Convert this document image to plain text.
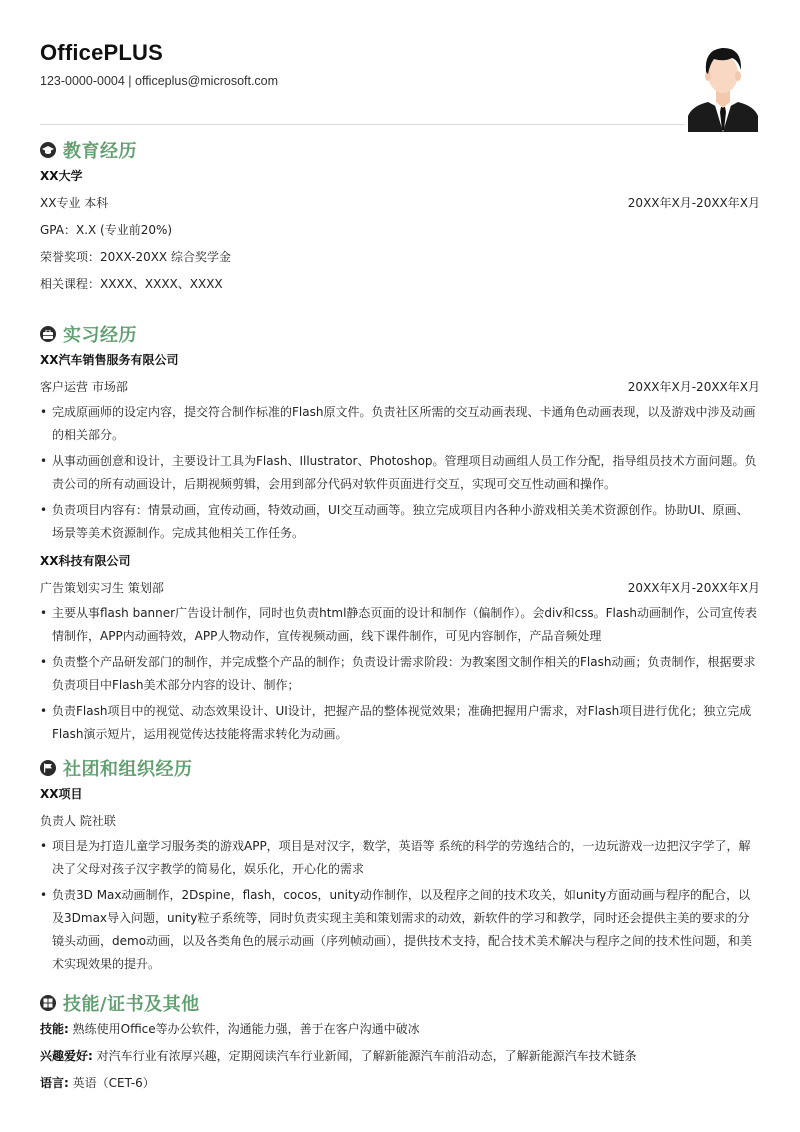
OfficePLUS
123-0000-0004 | officeplus@microsoft.com
教育经历
XX大学
XX专业 本科	20XX年X月-20XX年X月
GPA：X.X (专业前20%)
荣誉奖项：20XX-20XX 综合奖学金
相关课程：XXXX、XXXX、XXXX
实习经历
XX汽车销售服务有限公司
客户运营 市场部	20XX年X月-20XX年X月
• 完成原画师的设定内容，提交符合制作标准的Flash原文件。负责社区所需的交互动画表现、卡通角色动画表现，以及游戏中涉及动画的相关部分。
• 从事动画创意和设计，主要设计工具为Flash、Illustrator、Photoshop。管理项目动画组人员工作分配，指导组员技术方面问题。负责公司的所有动画设计，后期视频剪辑，会用到部分代码对软件页面进行交互，实现可交互性动画和操作。
• 负责项目内容有：情景动画，宣传动画，特效动画，UI交互动画等。独立完成项目内各种小游戏相关美术资源创作。协助UI、原画、场景等美术资源制作。完成其他相关工作任务。
XX科技有限公司
广告策划实习生 策划部	20XX年X月-20XX年X月
• 主要从事flash banner广告设计制作，同时也负责html静态页面的设计和制作（偏制作）。会div和css。Flash动画制作，公司宣传表情制作，APP内动画特效，APP人物动作，宣传视频动画，线下课件制作，可见内容制作，产品音频处理
• 负责整个产品研发部门的制作，并完成整个产品的制作；负责设计需求阶段：为教案图文制作相关的Flash动画；负责制作，根据要求负责项目中Flash美术部分内容的设计、制作；
• 负责Flash项目中的视觉、动态效果设计、UI设计，把握产品的整体视觉效果；准确把握用户需求，对Flash项目进行优化；独立完成Flash演示短片，运用视觉传达技能将需求转化为动画。
社团和组织经历
XX项目
负责人 院社联
• 项目是为打造儿童学习服务类的游戏APP，项目是对汉字，数学，英语等 系统的科学的劳逸结合的，一边玩游戏一边把汉字学了，解决了父母对孩子汉字教学的简易化，娱乐化，开心化的需求
• 负责3D Max动画制作，2Dspine，flash，cocos，unity动作制作，以及程序之间的技术攻关，如unity方面动画与程序的配合，以及3Dmax导入问题，unity粒子系统等，同时负责实现主美和策划需求的动效，新软件的学习和教学，同时还会提供主美的要求的分镜头动画，demo动画，以及各类角色的展示动画（序列帧动画），提供技术支持，配合技术美术解决与程序之间的技术性问题，和美术实现效果的提升。
技能/证书及其他
技能: 熟练使用Office等办公软件，沟通能力强，善于在客户沟通中破冰
兴趣爱好: 对汽车行业有浓厚兴趣，定期阅读汽车行业新闻，了解新能源汽车前沿动态，了解新能源汽车技术链条
语言: 英语（CET-6）
